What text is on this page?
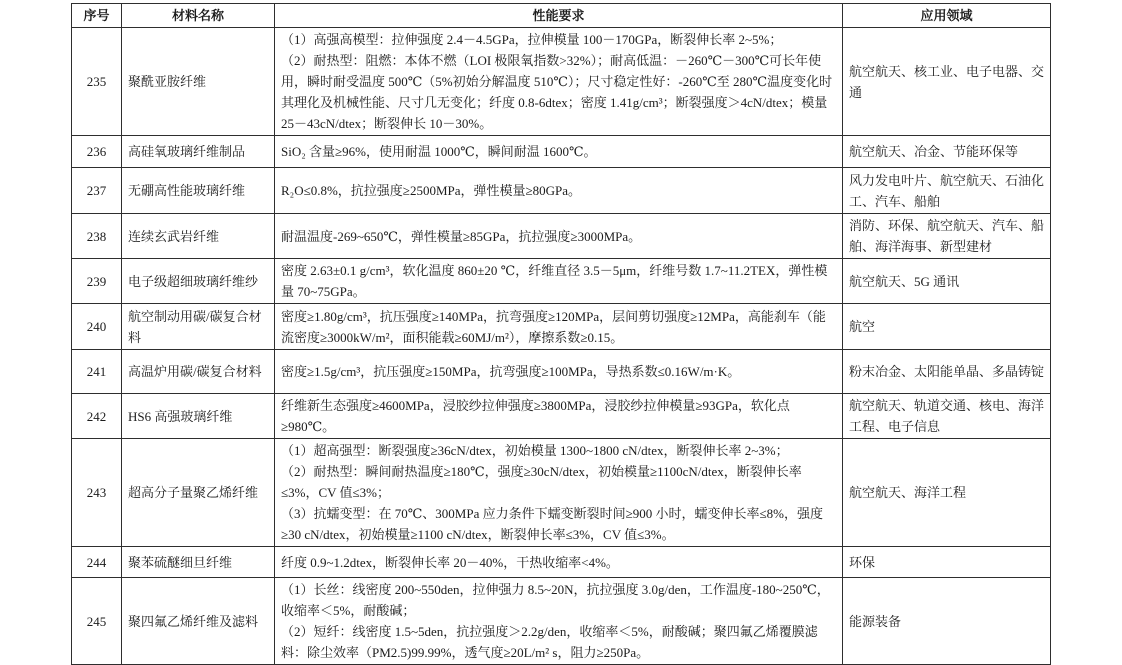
序号	材料名称	性能要求	应用领域
235	聚酰亚胺纤维	（1）高强高模型：拉伸强度 2.4－4.5GPa，拉伸模量 100－170GPa，断裂伸长率 2~5%；
（2）耐热型：阻燃：本体不燃（LOI 极限氧指数>32%）；耐高低温：－260℃－300℃可长年使用，瞬时耐受温度 500℃（5%初始分解温度 510℃）；尺寸稳定性好：-260℃至 280℃温度变化时其理化及机械性能、尺寸几无变化；纤度 0.8-6dtex；密度 1.41g/cm³；断裂强度＞4cN/dtex；模量 25－43cN/dtex；断裂伸长 10－30%。	航空航天、核工业、电子电器、交通
236	高硅氧玻璃纤维制品	SiO₂ 含量≥96%，使用耐温 1000℃，瞬间耐温 1600℃。	航空航天、冶金、节能环保等
237	无硼高性能玻璃纤维	R₂O≤0.8%，抗拉强度≥2500MPa，弹性模量≥80GPa。	风力发电叶片、航空航天、石油化工、汽车、船舶
238	连续玄武岩纤维	耐温温度-269~650℃，弹性模量≥85GPa，抗拉强度≥3000MPa。	消防、环保、航空航天、汽车、船舶、海洋海事、新型建材
239	电子级超细玻璃纤维纱	密度 2.63±0.1 g/cm³，软化温度 860±20 ℃，纤维直径 3.5－5μm，纤维号数 1.7~11.2TEX，弹性模量 70~75GPa。	航空航天、5G 通讯
240	航空制动用碳/碳复合材料	密度≥1.80g/cm³，抗压强度≥140MPa，抗弯强度≥120MPa，层间剪切强度≥12MPa，高能刹车（能流密度≥3000kW/m²，面积能载≥60MJ/m²），摩擦系数≥0.15。	航空
241	高温炉用碳/碳复合材料	密度≥1.5g/cm³，抗压强度≥150MPa，抗弯强度≥100MPa，导热系数≤0.16W/m·K。	粉末冶金、太阳能单晶、多晶铸锭
242	HS6 高强玻璃纤维	纤维新生态强度≥4600MPa，浸胶纱拉伸强度≥3800MPa，浸胶纱拉伸模量≥93GPa，软化点≥980℃。	航空航天、轨道交通、核电、海洋工程、电子信息
243	超高分子量聚乙烯纤维	（1）超高强型：断裂强度≥36cN/dtex，初始模量 1300~1800 cN/dtex，断裂伸长率 2~3%；
（2）耐热型：瞬间耐热温度≥180℃，强度≥30cN/dtex，初始模量≥1100cN/dtex，断裂伸长率≤3%，CV 值≤3%；
（3）抗蠕变型：在 70℃、300MPa 应力条件下蠕变断裂时间≥900 小时，蠕变伸长率≤8%，强度≥30 cN/dtex，初始模量≥1100 cN/dtex，断裂伸长率≤3%，CV 值≤3%。	航空航天、海洋工程
244	聚苯硫醚细旦纤维	纤度 0.9~1.2dtex，断裂伸长率 20－40%，干热收缩率<4%。	环保
245	聚四氟乙烯纤维及滤料	（1）长丝：线密度 200~550den，拉伸强力 8.5~20N，抗拉强度 3.0g/den，工作温度-180~250℃，收缩率＜5%，耐酸碱；
（2）短纤：线密度 1.5~5den，抗拉强度＞2.2g/den，收缩率＜5%，耐酸碱；聚四氟乙烯覆膜滤料：除尘效率（PM2.5)99.99%，透气度≥20L/m² s，阻力≥250Pa。	能源装备
